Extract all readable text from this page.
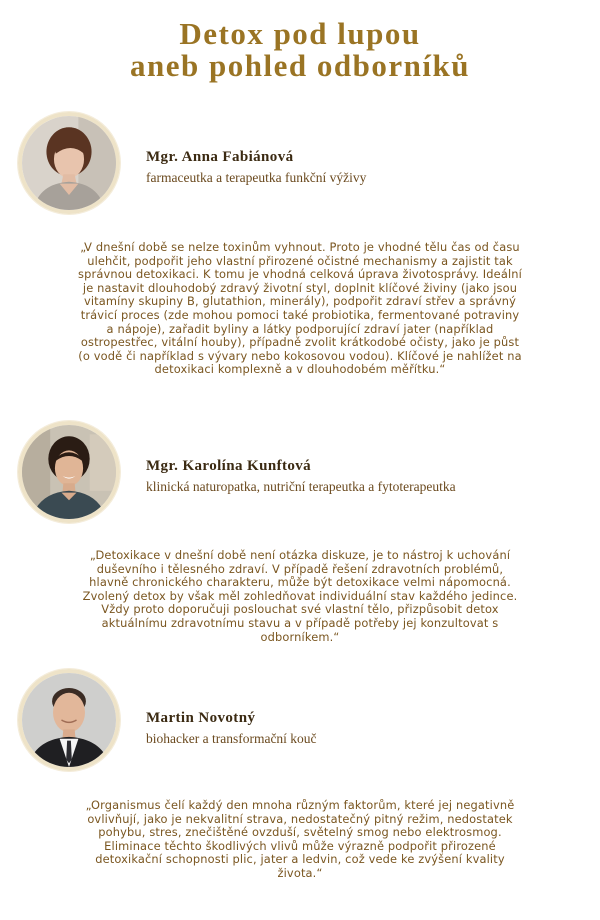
Detox pod lupou
aneb pohled odborníků
Mgr. Anna Fabiánová
farmaceutka a terapeutka funkční výživy
„V dnešní době se nelze toxinům vyhnout. Proto je vhodné tělu čas od času ulehčit, podpořit jeho vlastní přirozené očistné mechanismy a zajistit tak správnou detoxikaci. K tomu je vhodná celková úprava životosprávy. Ideální je nastavit dlouhodobý zdravý životní styl, doplnit klíčové živiny (jako jsou vitamíny skupiny B, glutathion, minerály), podpořit zdraví střev a správný trávicí proces (zde mohou pomoci také probiotika, fermentované potraviny a nápoje), zařadit byliny a látky podporující zdraví jater (například ostropestřec, vitální houby), případně zvolit krátkodobé očisty, jako je půst (o vodě či například s vývary nebo kokosovou vodou). Klíčové je nahlížet na detoxikaci komplexně a v dlouhodobém měřítku.“
Mgr. Karolína Kunftová
klinická naturopatka, nutriční terapeutka a fytoterapeutka
„Detoxikace v dnešní době není otázka diskuze, je to nástroj k uchování duševního i tělesného zdraví. V případě řešení zdravotních problémů, hlavně chronického charakteru, může být detoxikace velmi nápomocná. Zvolený detox by však měl zohledňovat individuální stav každého jedince. Vždy proto doporučuji poslouchat své vlastní tělo, přizpůsobit detox aktuálnímu zdravotnímu stavu a v případě potřeby jej konzultovat s odborníkem.“
Martin Novotný
biohacker a transformační kouč
„Organismus čelí každý den mnoha různým faktorům, které jej negativně ovlivňují, jako je nekvalitní strava, nedostatečný pitný režim, nedostatek pohybu, stres, znečištěné ovzduší, světelný smog nebo elektrosmog. Eliminace těchto škodlivých vlivů může výrazně podpořit přirozené detoxikační schopnosti plic, jater a ledvin, což vede ke zvýšení kvality života.“
